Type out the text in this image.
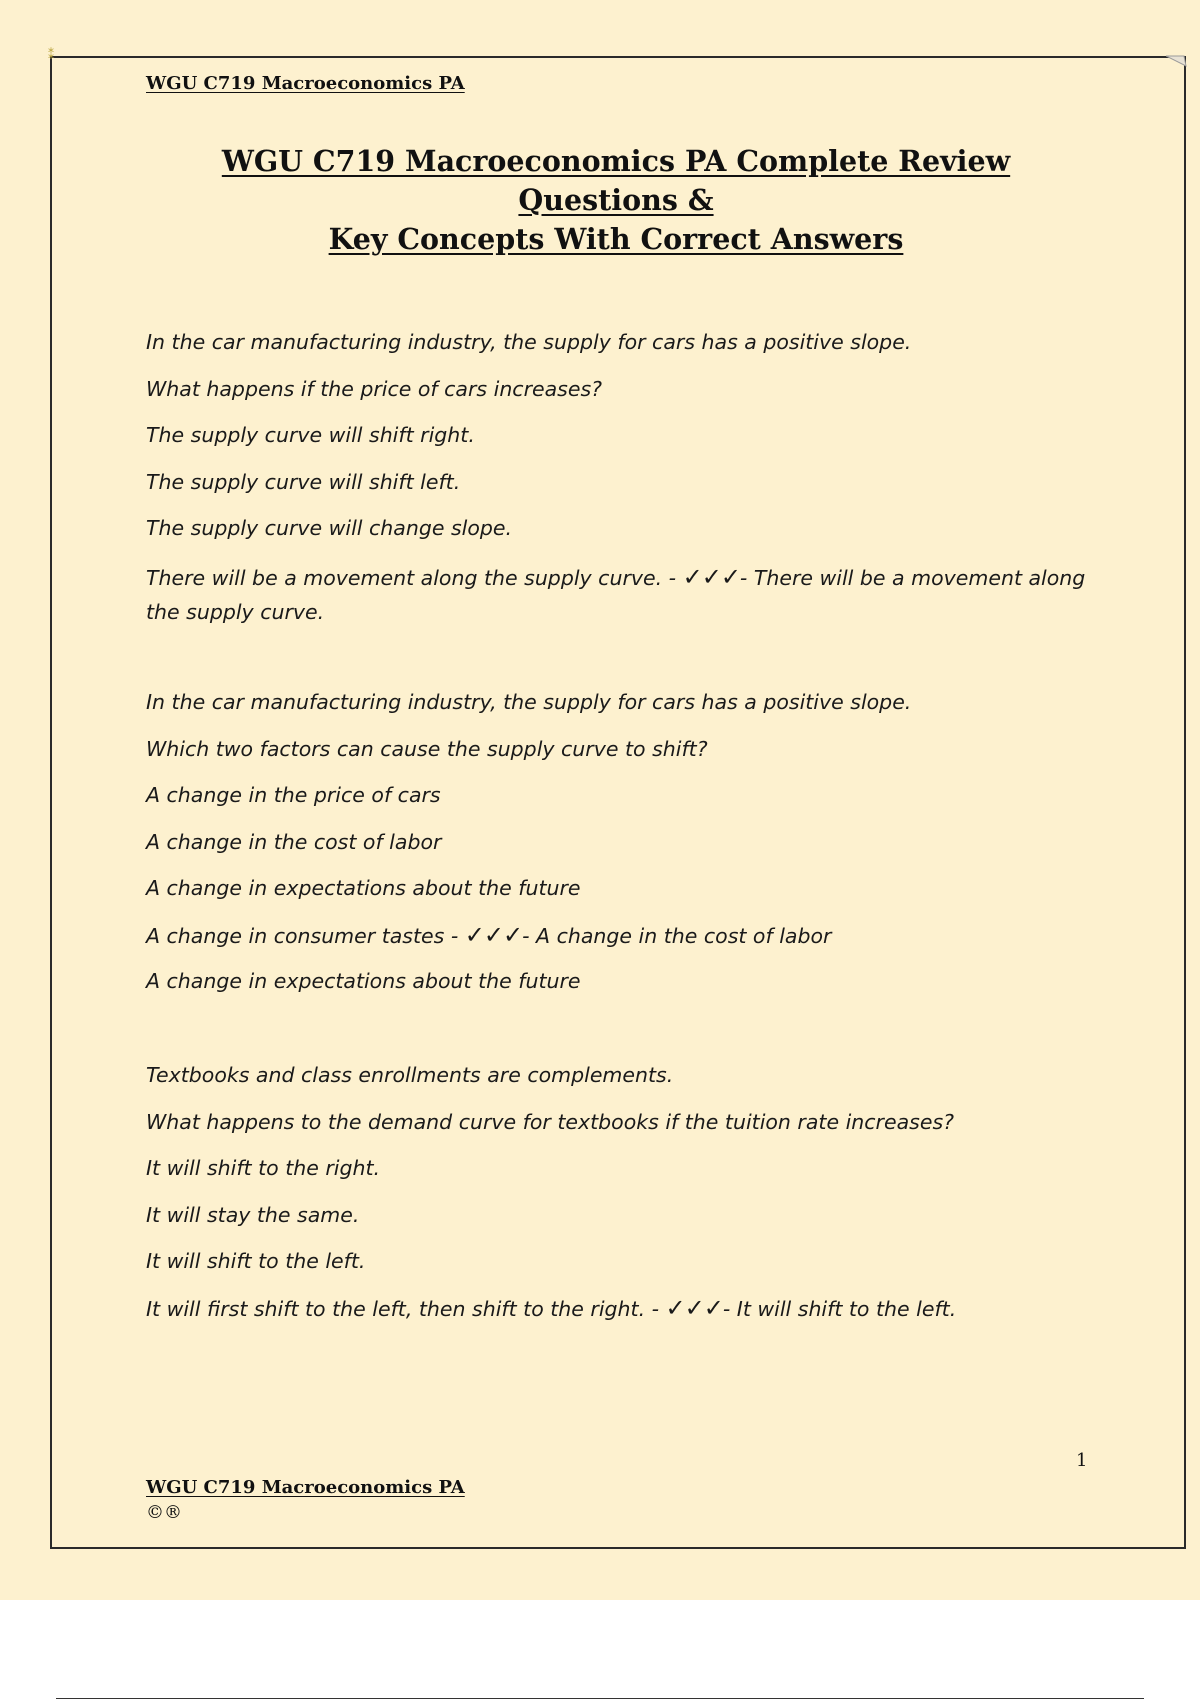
⁑

WGU C719 Macroeconomics PA

WGU C719 Macroeconomics PA Complete Review Questions &
Key Concepts With Correct Answers

In the car manufacturing industry, the supply for cars has a positive slope.

What happens if the price of cars increases?

The supply curve will shift right.

The supply curve will shift left.

The supply curve will change slope.

There will be a movement along the supply curve. - ✓✓✓- There will be a movement along the supply curve.

In the car manufacturing industry, the supply for cars has a positive slope.

Which two factors can cause the supply curve to shift?

A change in the price of cars

A change in the cost of labor

A change in expectations about the future

A change in consumer tastes - ✓✓✓- A change in the cost of labor

A change in expectations about the future

Textbooks and class enrollments are complements.

What happens to the demand curve for textbooks if the tuition rate increases?

It will shift to the right.

It will stay the same.

It will shift to the left.

It will first shift to the left, then shift to the right. - ✓✓✓- It will shift to the left.

1

WGU C719 Macroeconomics PA

©®
